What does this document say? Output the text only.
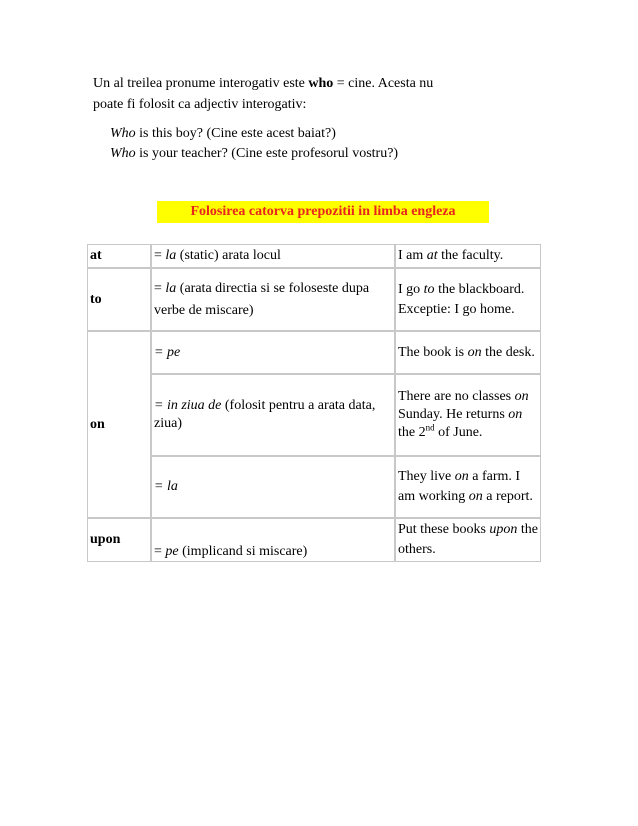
Un al treilea pronume interogativ este who = cine. Acesta nu
poate fi folosit ca adjectiv interogativ:

Who is this boy? (Cine este acest baiat?)

Who is your teacher? (Cine este profesorul vostru?)

Folosirea catorva prepozitii in limba engleza
at	= la (static) arata locul	I am at the faculty.
to	= la (arata directia si se foloseste dupa verbe de miscare)	I go to the blackboard.
Exceptie: I go home.
on	= pe	The book is on the desk.
	= in ziua de (folosit pentru a arata data, ziua)	There are no classes on Sunday. He returns on the 2nd of June.
	= la	They live on a farm. I am working on a report.
upon	= pe (implicand si miscare)	Put these books upon the others.
